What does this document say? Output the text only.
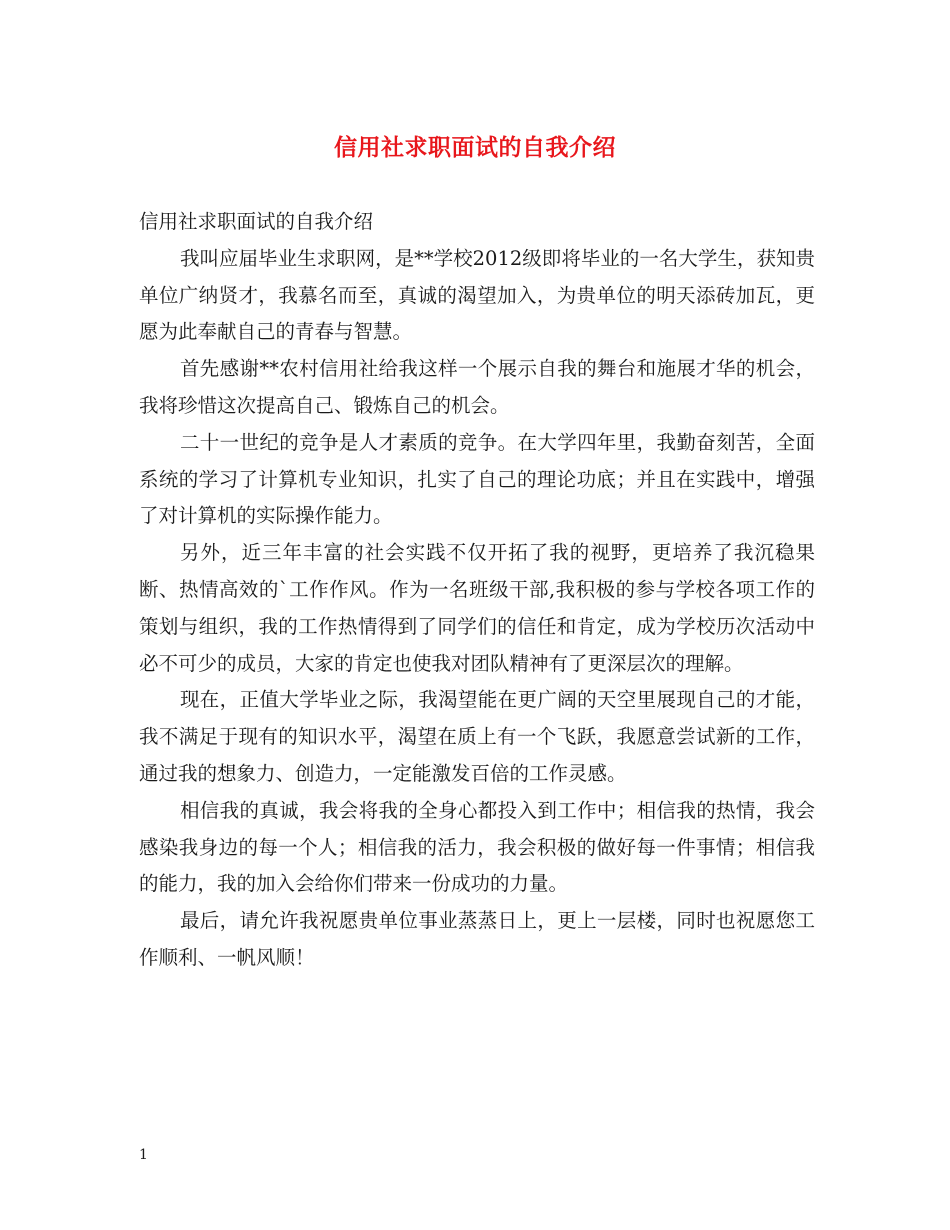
信用社求职面试的自我介绍

信用社求职面试的自我介绍

我叫应届毕业生求职网，是**学校2012级即将毕业的一名大学生，获知贵单位广纳贤才，我慕名而至，真诚的渴望加入，为贵单位的明天添砖加瓦，更愿为此奉献自己的青春与智慧。

首先感谢**农村信用社给我这样一个展示自我的舞台和施展才华的机会，我将珍惜这次提高自己、锻炼自己的机会。

二十一世纪的竞争是人才素质的竞争。在大学四年里，我勤奋刻苦，全面系统的学习了计算机专业知识，扎实了自己的理论功底；并且在实践中，增强了对计算机的实际操作能力。

另外，近三年丰富的社会实践不仅开拓了我的视野，更培养了我沉稳果断、热情高效的`工作作风。作为一名班级干部,我积极的参与学校各项工作的策划与组织，我的工作热情得到了同学们的信任和肯定，成为学校历次活动中必不可少的成员，大家的肯定也使我对团队精神有了更深层次的理解。

现在，正值大学毕业之际，我渴望能在更广阔的天空里展现自己的才能，我不满足于现有的知识水平，渴望在质上有一个飞跃，我愿意尝试新的工作，通过我的想象力、创造力，一定能激发百倍的工作灵感。

相信我的真诚，我会将我的全身心都投入到工作中；相信我的热情，我会感染我身边的每一个人；相信我的活力，我会积极的做好每一件事情；相信我的能力，我的加入会给你们带来一份成功的力量。

最后，请允许我祝愿贵单位事业蒸蒸日上，更上一层楼，同时也祝愿您工作顺利、一帆风顺！

1
